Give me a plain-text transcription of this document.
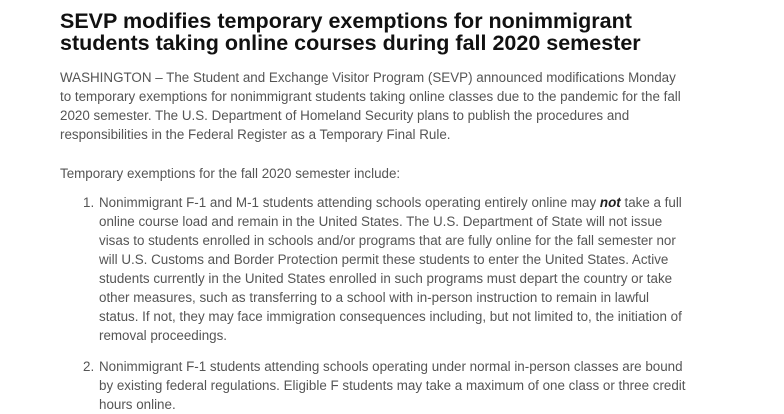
SEVP modifies temporary exemptions for nonimmigrant students taking online courses during fall 2020 semester

WASHINGTON – The Student and Exchange Visitor Program (SEVP) announced modifications Monday to temporary exemptions for nonimmigrant students taking online classes due to the pandemic for the fall 2020 semester. The U.S. Department of Homeland Security plans to publish the procedures and responsibilities in the Federal Register as a Temporary Final Rule.

Temporary exemptions for the fall 2020 semester include:

1. Nonimmigrant F-1 and M-1 students attending schools operating entirely online may not take a full online course load and remain in the United States. The U.S. Department of State will not issue visas to students enrolled in schools and/or programs that are fully online for the fall semester nor will U.S. Customs and Border Protection permit these students to enter the United States. Active students currently in the United States enrolled in such programs must depart the country or take other measures, such as transferring to a school with in-person instruction to remain in lawful status. If not, they may face immigration consequences including, but not limited to, the initiation of removal proceedings.
2. Nonimmigrant F-1 students attending schools operating under normal in-person classes are bound by existing federal regulations. Eligible F students may take a maximum of one class or three credit hours online.
